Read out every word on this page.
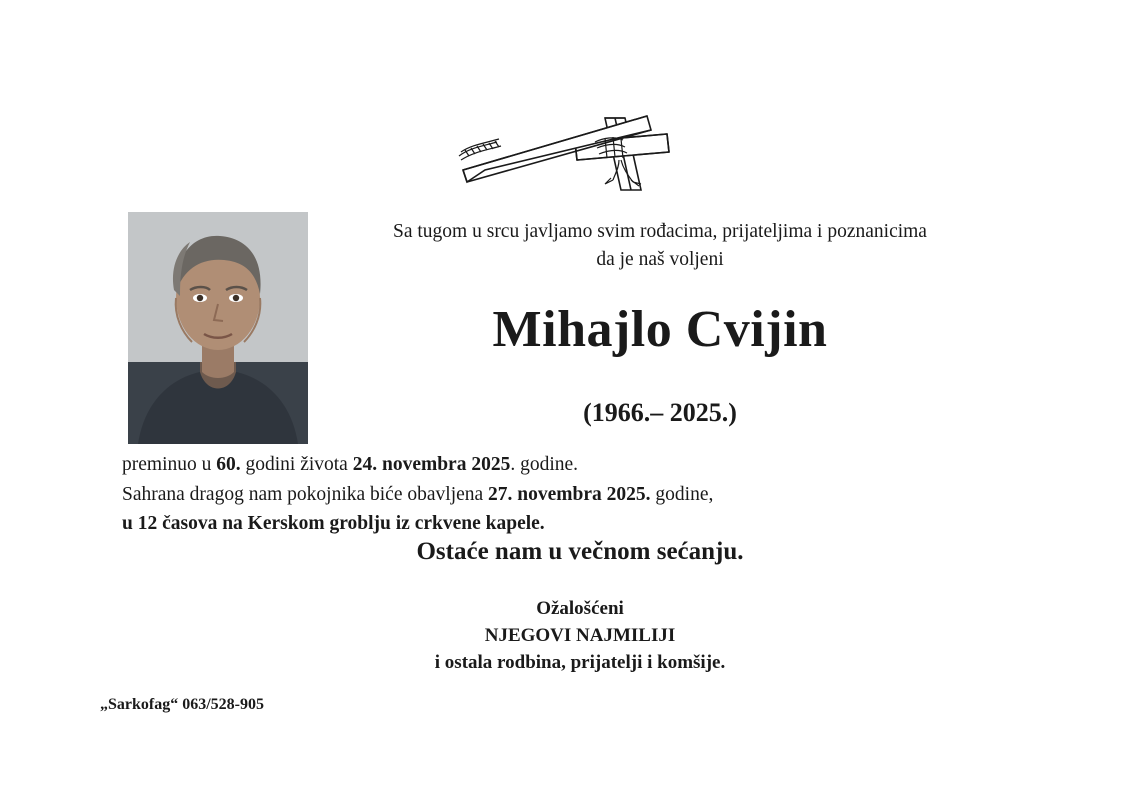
Sa tugom u srcu javljamo svim rođacima, prijateljima i poznanicima
da je naš voljeni
Mihajlo Cvijin
(1966.– 2025.)
preminuo u 60. godini života 24. novembra 2025. godine.
Sahrana dragog nam pokojnika biće obavljena 27. novembra 2025. godine,
u 12 časova na Kerskom groblju iz crkvene kapele.
Ostaće nam u večnom sećanju.
Ožalošćeni
NJEGOVI NAJMILIJI
i ostala rodbina, prijatelji i komšije.
„Sarkofag“ 063/528-905
